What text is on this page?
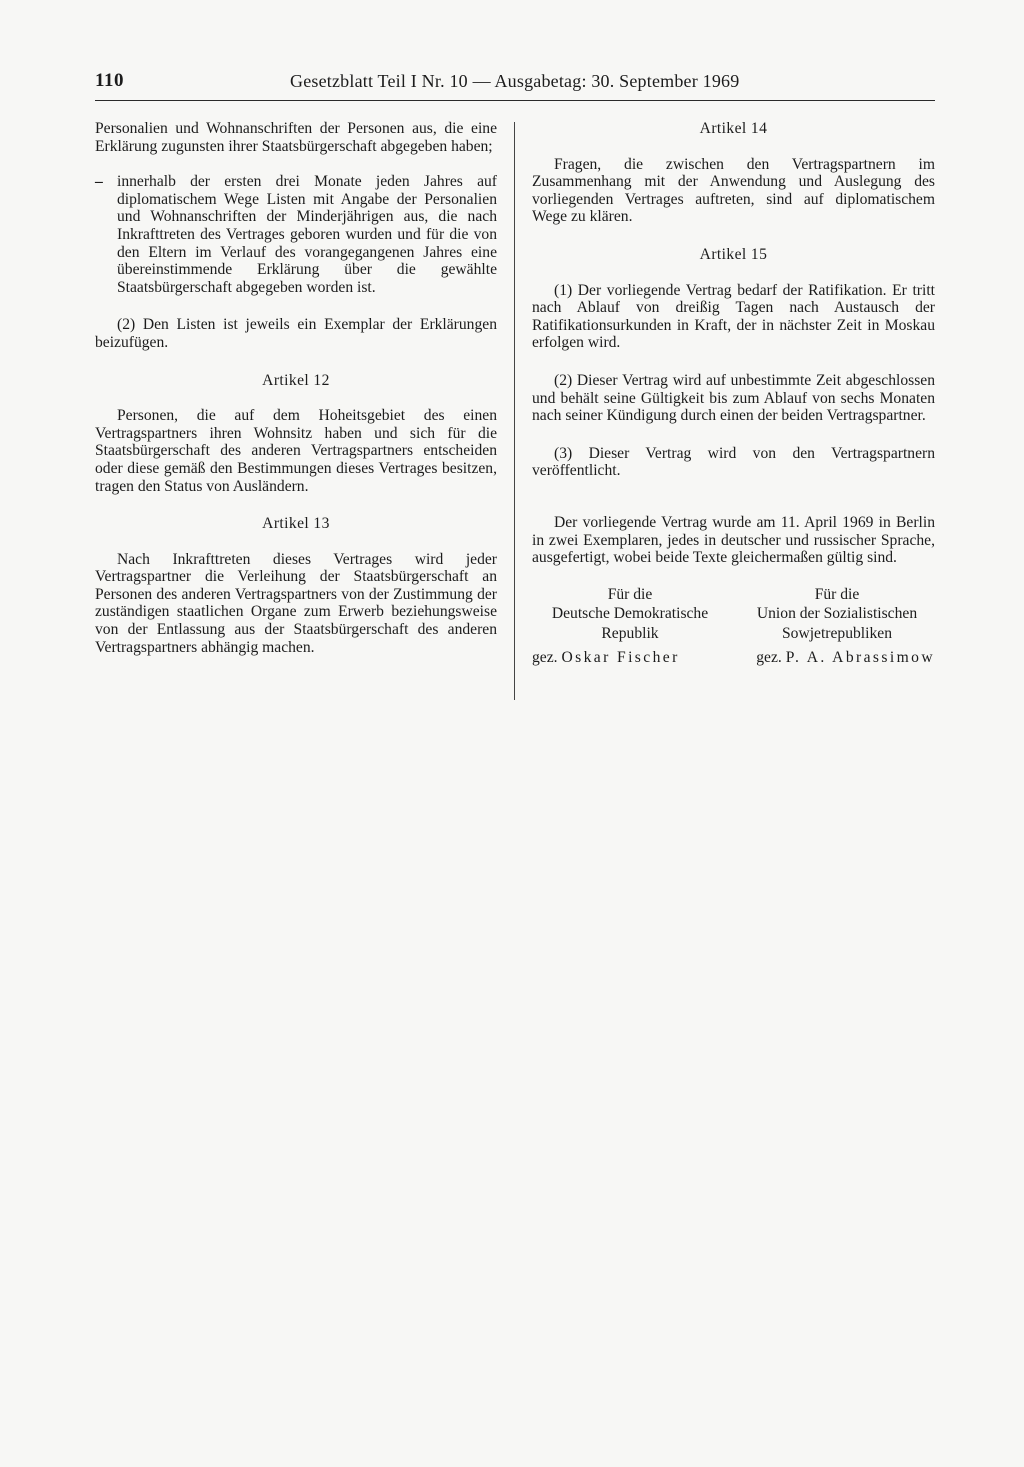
110	Gesetzblatt Teil I Nr. 10 — Ausgabetag: 30. September 1969

Personalien und Wohnanschriften der Personen aus, die eine Erklärung zugunsten ihrer Staatsbürgerschaft abgegeben haben;

– innerhalb der ersten drei Monate jeden Jahres auf diplomatischem Wege Listen mit Angabe der Personalien und Wohnanschriften der Minderjährigen aus, die nach Inkrafttreten des Vertrages geboren wurden und für die von den Eltern im Verlauf des vorangegangenen Jahres eine übereinstimmende Erklärung über die gewählte Staatsbürgerschaft abgegeben worden ist.

(2) Den Listen ist jeweils ein Exemplar der Erklärungen beizufügen.

Artikel 12

Personen, die auf dem Hoheitsgebiet des einen Vertragspartners ihren Wohnsitz haben und sich für die Staatsbürgerschaft des anderen Vertragspartners entscheiden oder diese gemäß den Bestimmungen dieses Vertrages besitzen, tragen den Status von Ausländern.

Artikel 13

Nach Inkrafttreten dieses Vertrages wird jeder Vertragspartner die Verleihung der Staatsbürgerschaft an Personen des anderen Vertragspartners von der Zustimmung der zuständigen staatlichen Organe zum Erwerb beziehungsweise von der Entlassung aus der Staatsbürgerschaft des anderen Vertragspartners abhängig machen.

Artikel 14

Fragen, die zwischen den Vertragspartnern im Zusammenhang mit der Anwendung und Auslegung des vorliegenden Vertrages auftreten, sind auf diplomatischem Wege zu klären.

Artikel 15

(1) Der vorliegende Vertrag bedarf der Ratifikation. Er tritt nach Ablauf von dreißig Tagen nach Austausch der Ratifikationsurkunden in Kraft, der in nächster Zeit in Moskau erfolgen wird.

(2) Dieser Vertrag wird auf unbestimmte Zeit abgeschlossen und behält seine Gültigkeit bis zum Ablauf von sechs Monaten nach seiner Kündigung durch einen der beiden Vertragspartner.

(3) Dieser Vertrag wird von den Vertragspartnern veröffentlicht.

Der vorliegende Vertrag wurde am 11. April 1969 in Berlin in zwei Exemplaren, jedes in deutscher und russischer Sprache, ausgefertigt, wobei beide Texte gleichermaßen gültig sind.

Für die
Deutsche Demokratische
Republik
Für die
Union der Sozialistischen
Sowjetrepubliken
gez. Oskar Fischer	gez. P. A. Abrassimow
